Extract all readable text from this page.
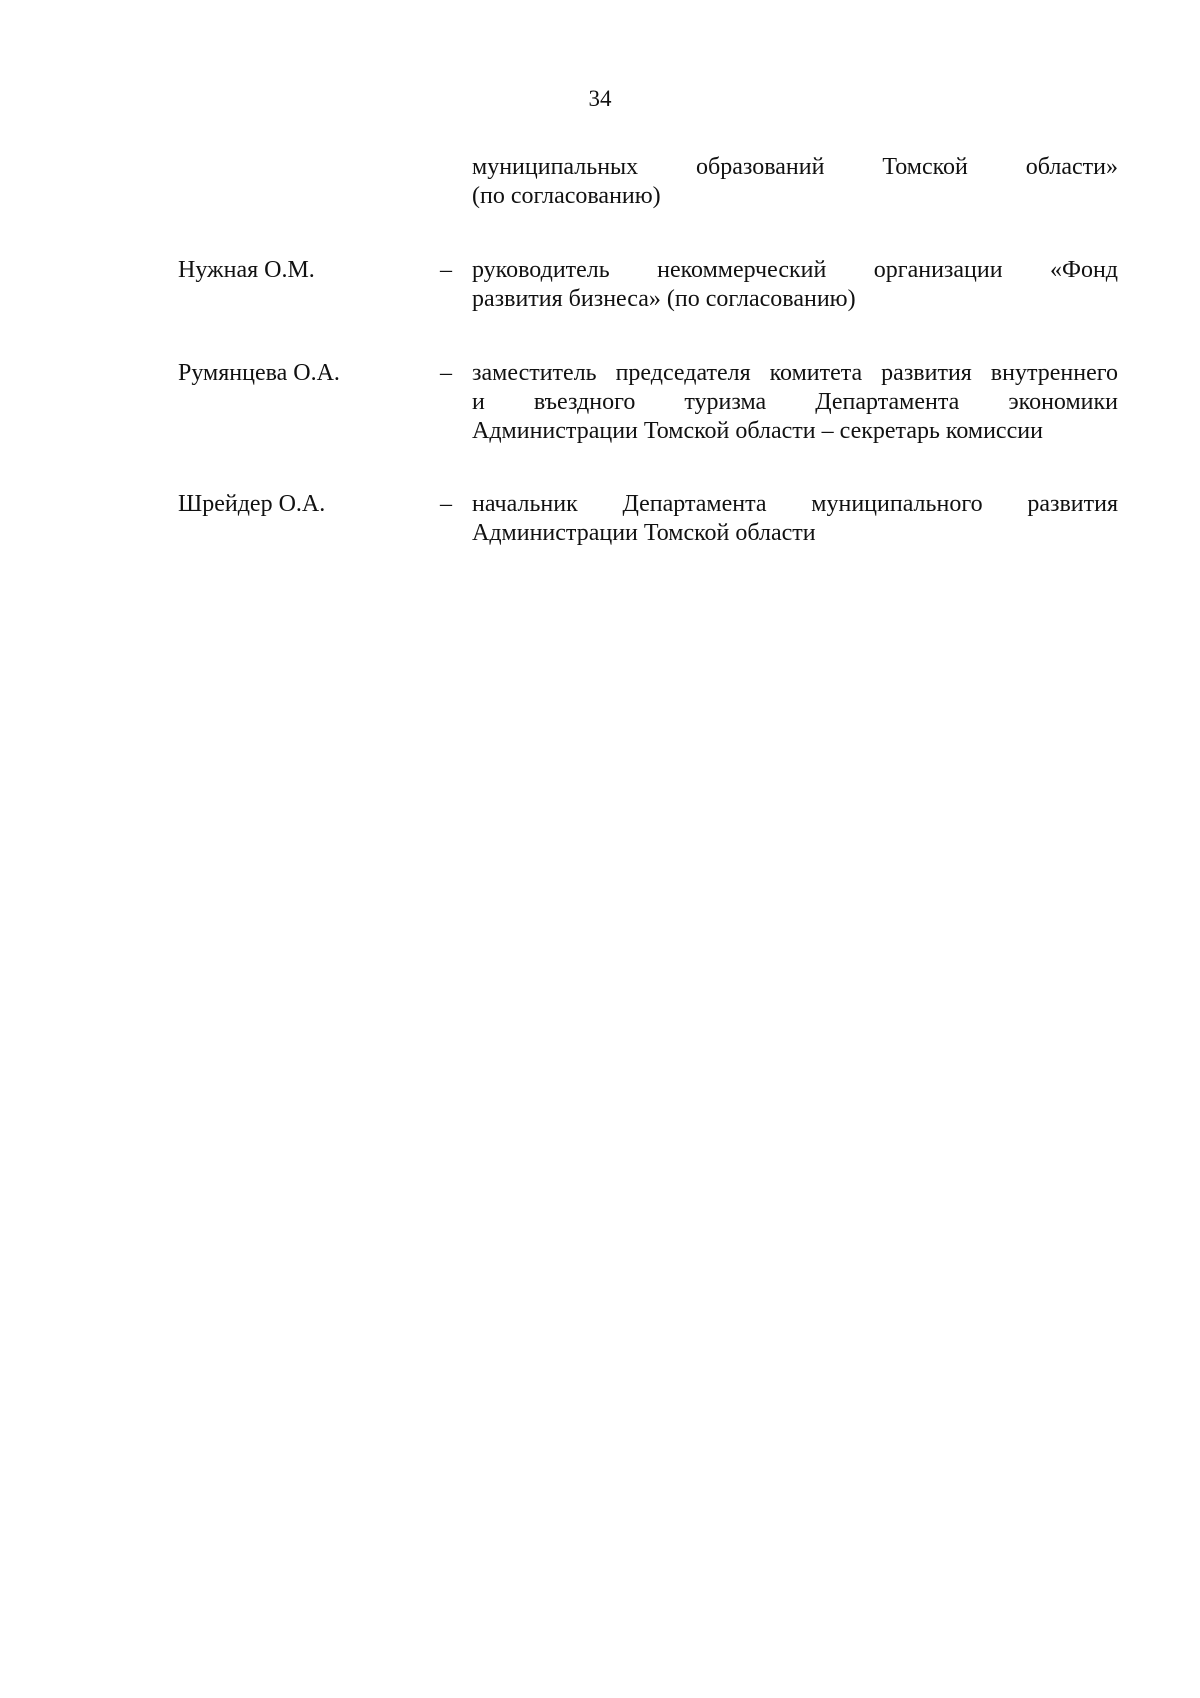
34
муниципальных образований Томской области»
(по согласованию)
Нужная О.М.	– руководитель некоммерческий организации «Фонд
развития бизнеса» (по согласованию)
Румянцева О.А.	– заместитель председателя комитета развития внутреннего
и въездного туризма Департамента экономики
Администрации Томской области – секретарь комиссии
Шрейдер О.А.	– начальник Департамента муниципального развития
Администрации Томской области
